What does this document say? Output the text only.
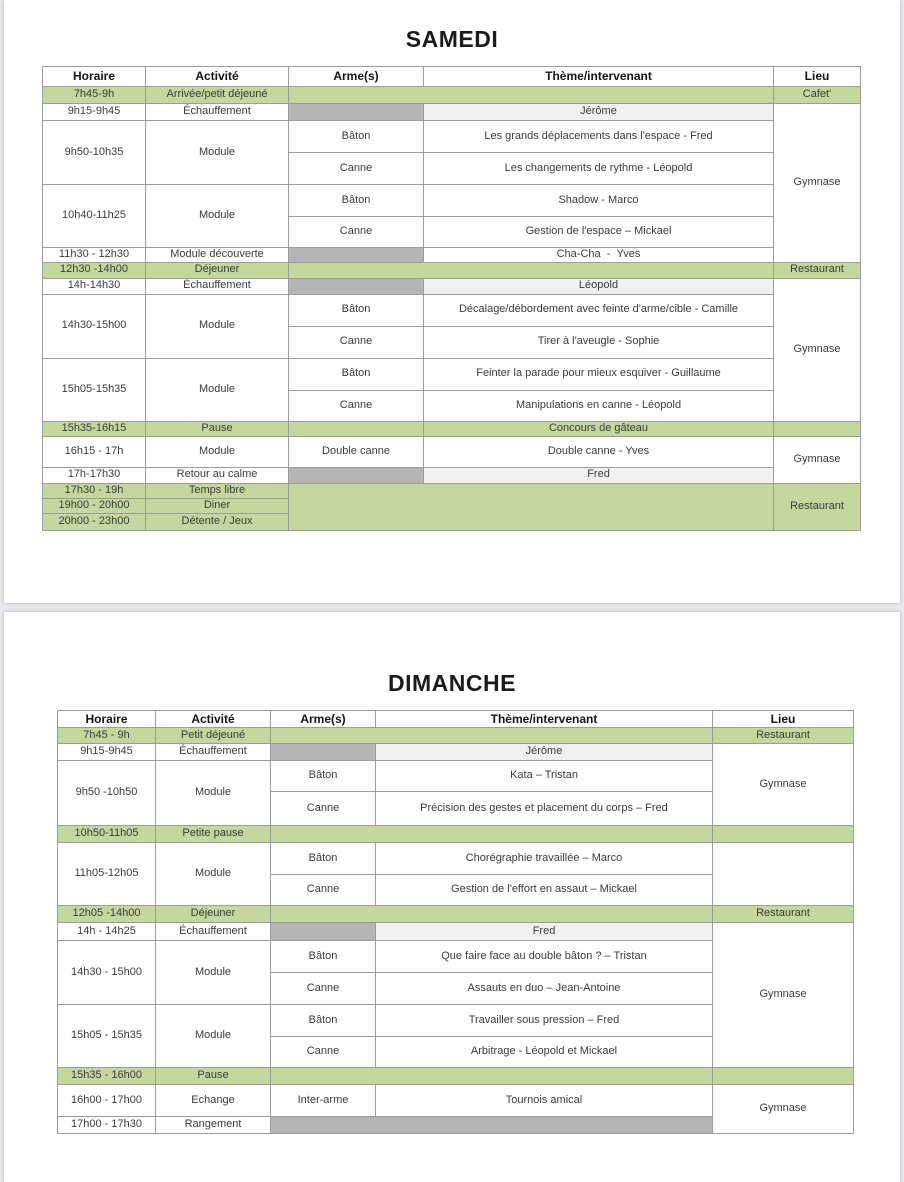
SAMEDI
Horaire	Activité	Arme(s)	Thème/intervenant	Lieu
7h45-9h	Arrivée/petit déjeuné			Cafet'
9h15-9h45	Échauffement		Jérôme	Gymnase
9h50-10h35	Module	Bâton	Les grands déplacements dans l'espace - Fred	
		Canne	Les changements de rythme - Léopold	
10h40-11h25	Module	Bâton	Shadow - Marco	
		Canne	Gestion de l'espace – Mickael	
11h30 - 12h30	Module découverte		Cha-Cha  -  Yves	
12h30 -14h00	Déjeuner			Restaurant
14h-14h30	Échauffement		Léopold	Gymnase
14h30-15h00	Module	Bâton	Décalage/débordement avec feinte d'arme/cible - Camille	
		Canne	Tirer à l'aveugle - Sophie	
15h05-15h35	Module	Bâton	Feinter la parade pour mieux esquiver - Guillaume	
		Canne	Manipulations en canne - Léopold	
15h35-16h15	Pause		Concours de gâteau	
16h15 - 17h	Module	Double canne	Double canne - Yves	Gymnase
17h-17h30	Retour au calme		Fred	
17h30 - 19h	Temps libre			Restaurant
19h00 - 20h00	Diner			
20h00 - 23h00	Détente / Jeux			
DIMANCHE
Horaire	Activité	Arme(s)	Thème/intervenant	Lieu
7h45 - 9h	Petit déjeuné			Restaurant
9h15-9h45	Échauffement		Jérôme	Gymnase
9h50 -10h50	Module	Bâton	Kata – Tristan	
		Canne	Précision des gestes et placement du corps – Fred	
10h50-11h05	Petite pause			
11h05-12h05	Module	Bâton	Chorégraphie travaillée – Marco	
		Canne	Gestion de l'effort en assaut – Mickael	
12h05 -14h00	Déjeuner			Restaurant
14h - 14h25	Échauffement		Fred	Gymnase
14h30 - 15h00	Module	Bâton	Que faire face au double bâton ? – Tristan	
		Canne	Assauts en duo – Jean-Antoine	
15h05 - 15h35	Module	Bâton	Travailler sous pression – Fred	
		Canne	Arbitrage - Léopold et Mickael	
15h35 - 16h00	Pause			
16h00 - 17h00	Echange	Inter-arme	Tournois amical	Gymnase
17h00 - 17h30	Rangement			
